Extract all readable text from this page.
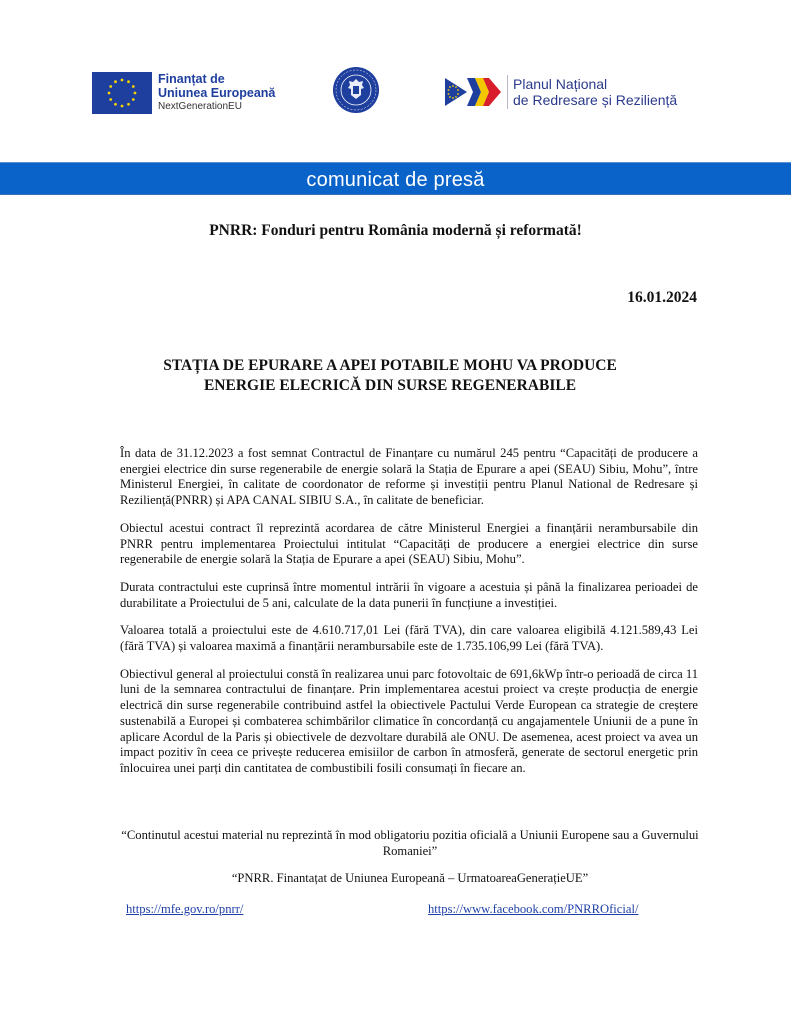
Finanțat de
Uniunea Europeană
NextGenerationEU
Planul Național
de Redresare și Reziliență
comunicat de presă
PNRR: Fonduri pentru România modernă și reformată!
16.01.2024
STAȚIA DE EPURARE A APEI POTABILE MOHU VA PRODUCE
ENERGIE ELECRICĂ DIN SURSE REGENERABILE

În data de 31.12.2023 a fost semnat Contractul de Finanțare cu numărul 245 pentru “Capacități de producere a energiei electrice din surse regenerabile de energie solară la Stația de Epurare a apei (SEAU) Sibiu, Mohu”, între Ministerul Energiei, în calitate de coordonator de reforme și investiții pentru Planul National de Redresare și Reziliență(PNRR) și APA CANAL SIBIU S.A., în calitate de beneficiar.

Obiectul acestui contract îl reprezintă acordarea de către Ministerul Energiei a finanțării nerambursabile din PNRR pentru implementarea Proiectului intitulat “Capacități de producere a energiei electrice din surse regenerabile de energie solară la Stația de Epurare a apei (SEAU) Sibiu, Mohu”.

Durata contractului este cuprinsă între momentul intrării în vigoare a acestuia și până la finalizarea perioadei de durabilitate a Proiectului de 5 ani, calculate de la data punerii în funcțiune a investiției.

Valoarea totală a proiectului este de 4.610.717,01 Lei (fără TVA), din care valoarea eligibilă 4.121.589,43 Lei (fără TVA) și valoarea maximă a finanțării nerambursabile este de 1.735.106,99 Lei (fără TVA).

Obiectivul general al proiectului constă în realizarea unui parc fotovoltaic de 691,6kWp într-o perioadă de circa 11 luni de la semnarea contractului de finanțare. Prin implementarea acestui proiect va crește producția de energie electrică din surse regenerabile contribuind astfel la obiectivele Pactului Verde European ca strategie de creștere sustenabilă a Europei și combaterea schimbărilor climatice în concordanță cu angajamentele Uniunii de a pune în aplicare Acordul de la Paris și obiectivele de dezvoltare durabilă ale ONU. De asemenea, acest proiect va avea un impact pozitiv în ceea ce privește reducerea emisiilor de carbon în atmosferă, generate de sectorul energetic prin înlocuirea unei parți din cantitatea de combustibili fosili consumați în fiecare an.

“Continutul acestui material nu reprezintă în mod obligatoriu pozitia oficială a Uniunii Europene sau a Guvernului Romaniei”
“PNRR. Finantațat de Uniunea Europeană – UrmatoareaGenerațieUE”
https://mfe.gov.ro/pnrr/	https://www.facebook.com/PNRROficial/
